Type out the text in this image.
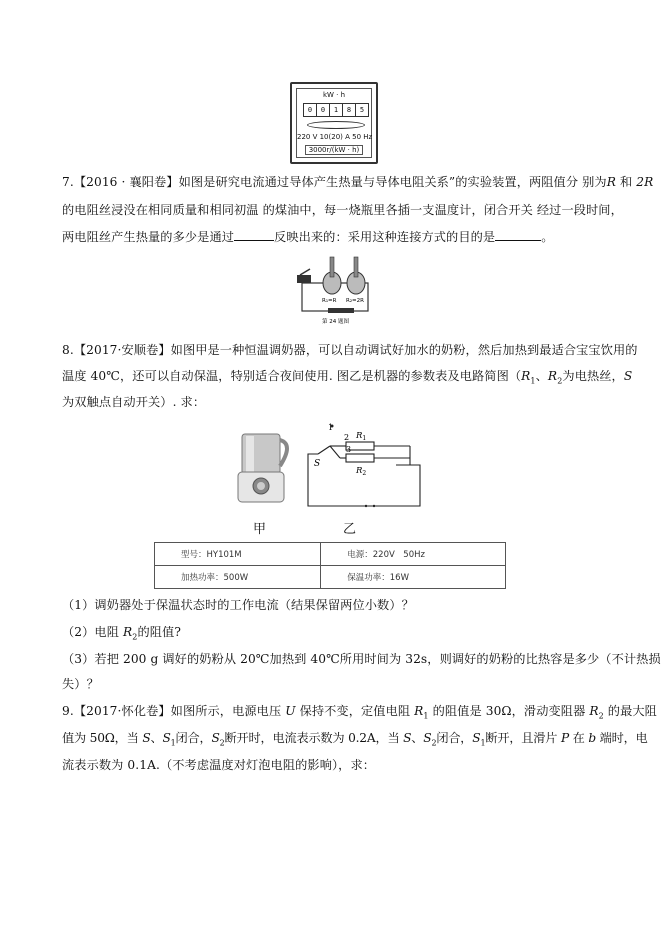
kW · h
0	0	1	8	5
220 V 10(20) A 50 Hz
3000r/(kW · h)
7.【2016 · 襄阳卷】如图是研究电流通过导体产生热量与导体电阻关系”的实验装置，两阻值分 别为R 和 2R
的电阻丝浸没在相同质量和相同初温 的煤油中，每一烧瓶里各插一支温度计，闭合开关 经过一段时间，
两电阻丝产生热量的多少是通过	反映出来的：采用这种连接方式的目的是	。
R₁=R R₂=2R
第 24 题图
8.【2017·安顺卷】如图甲是一种恒温调奶器，可以自动调试好加水的奶粉，然后加热到最适合宝宝饮用的
温度 40℃，还可以自动保温，特别适合夜间使用. 图乙是机器的参数表及电路简图（$R_1$、$R_2$为电热丝，S
为双触点自动开关）. 求：
甲
1
2
3
S
$R_1$
$R_2$
乙
型号：HY101M	电源：220V　50Hz
加热功率：500W	保温功率：16W
（1）调奶器处于保温状态时的工作电流（结果保留两位小数）？
（2）电阻 $R_2$的阻值?
（3）若把 200 g 调好的奶粉从 20℃加热到 40℃所用时间为 32s，则调好的奶粉的比热容是多少（不计热损
失）？
9.【2017·怀化卷】如图所示，电源电压 U 保持不变，定值电阻 $R_1$ 的阻值是 30Ω，滑动变阻器 $R_2$ 的最大阻
值为 50Ω，当 S、$S_1$闭合，$S_2$断开时，电流表示数为 0.2A，当 S、$S_2$闭合，$S_1$断开，且滑片 P 在 b 端时，电
流表示数为 0.1A.（不考虑温度对灯泡电阻的影响），求：
